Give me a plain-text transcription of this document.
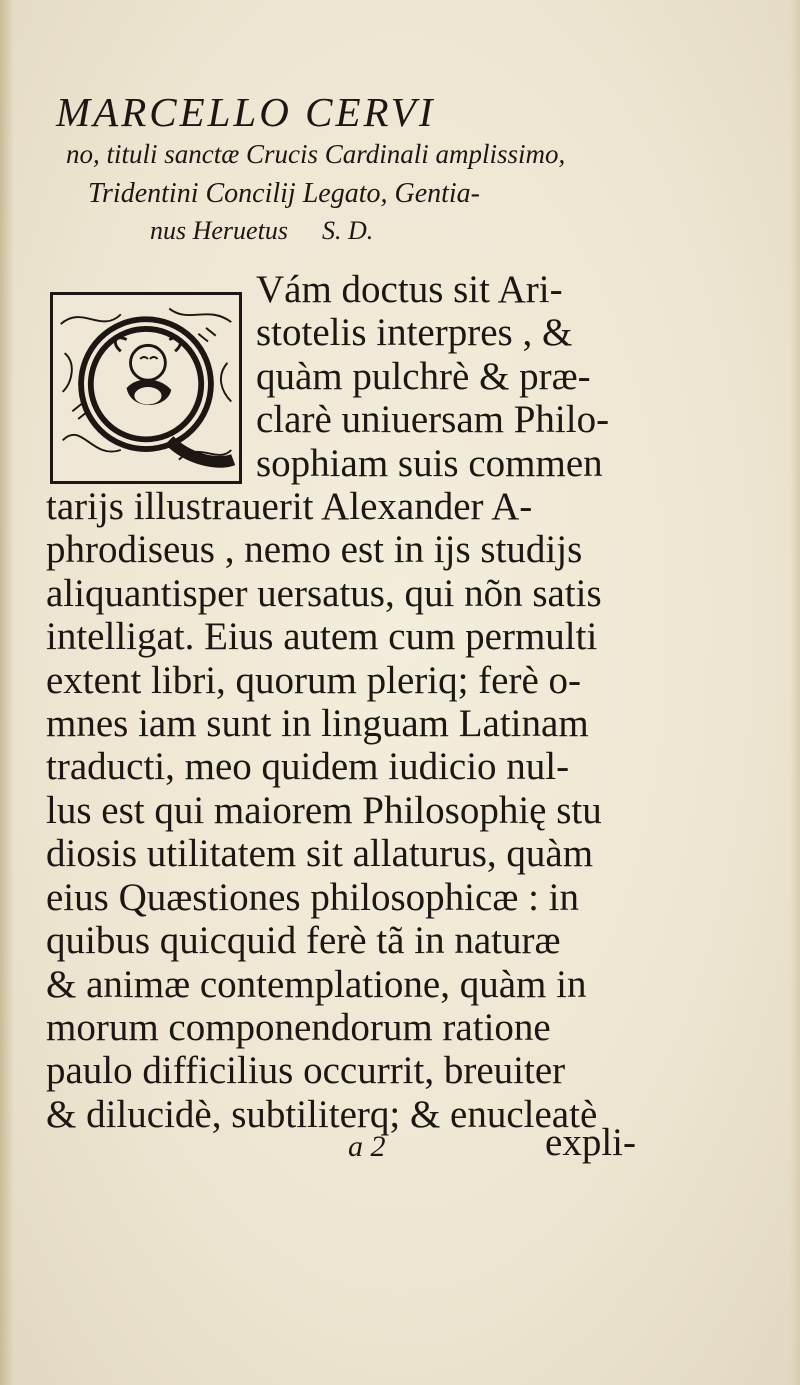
MARCELLO CERVI
no, tituli sanctæ Crucis Cardinali amplissimo,
Tridentini Concilij Legato, Gentia-
nus Heruetus S. D.
Vám doctus sit Ari-
stotelis interpres , &
quàm pulchrè & præ-
clarè uniuersam Philo-
sophiam suis commen
tarijs illustrauerit Alexander A-
phrodiseus , nemo est in ijs studijs
aliquantisper uersatus, qui nõn satis
intelligat. Eius autem cum permulti
extent libri, quorum pleriq; ferè o-
mnes iam sunt in linguam Latinam
traducti, meo quidem iudicio nul-
lus est qui maiorem Philosophię stu
diosis utilitatem sit allaturus, quàm
eius Quæstiones philosophicæ : in
quibus quicquid ferè tã in naturæ
& animæ contemplatione, quàm in
morum componendorum ratione
paulo difficilius occurrit, breuiter
& dilucidè, subtiliterq; & enucleatè
a 2	expli-
